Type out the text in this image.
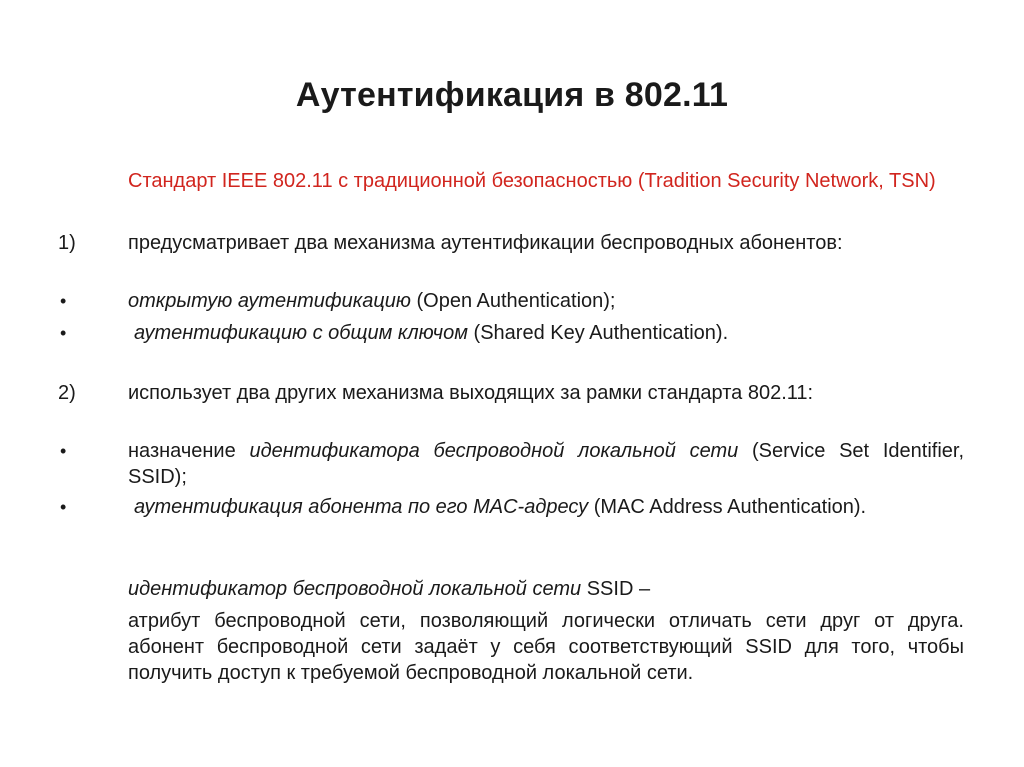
Аутентификация в 802.11
Стандарт IEEE 802.11 с традиционной безопасностью (Tradition Security Network, TSN)
1)	предусматривает два механизма аутентификации беспроводных абонентов:
•	открытую аутентификацию (Open Authentication);
•	аутентификацию с общим ключом (Shared Key Authentication).
2)	использует два других механизма выходящих за рамки стандарта 802.11:
•	назначение идентификатора беспроводной локальной сети (Service Set Identifier, SSID);
•	аутентификация абонента по его MAC-адресу (MAC Address Authentication).
идентификатор беспроводной локальной сети SSID –
атрибут беспроводной сети, позволяющий логически отличать сети друг от друга. абонент беспроводной сети задаёт у себя соответствующий SSID для того, чтобы получить доступ к требуемой беспроводной локальной сети.
